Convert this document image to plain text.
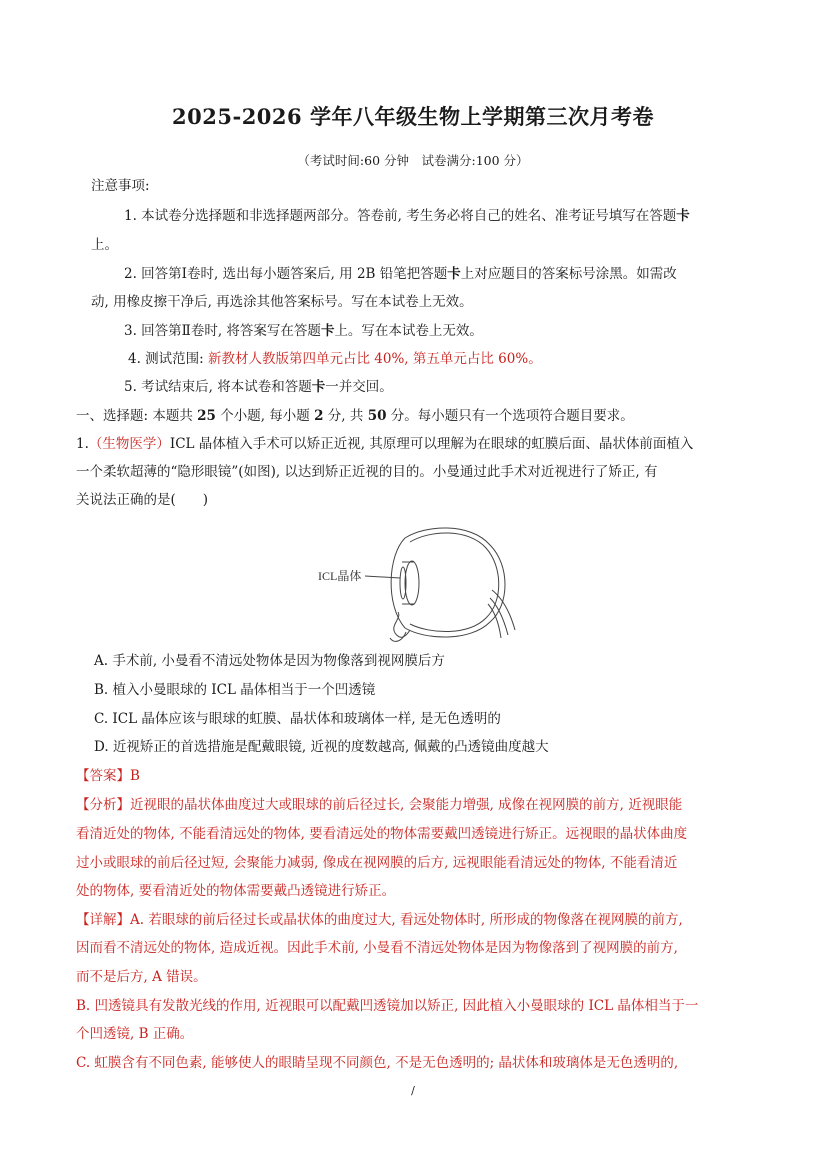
2025-2026 学年八年级生物上学期第三次月考卷
（考试时间:60 分钟　试卷满分:100 分）
注意事项:
1. 本试卷分选择题和非选择题两部分。答卷前, 考生务必将自己的姓名、准考证号填写在答题卡
上。
2. 回答第Ⅰ卷时, 选出每小题答案后, 用 2B 铅笔把答题卡上对应题目的答案标号涂黑。如需改
动, 用橡皮擦干净后, 再选涂其他答案标号。写在本试卷上无效。
3. 回答第Ⅱ卷时, 将答案写在答题卡上。写在本试卷上无效。
4. 测试范围: 新教材人教版第四单元占比 40%, 第五单元占比 60%。
5. 考试结束后, 将本试卷和答题卡一并交回。
一、选择题: 本题共 25 个小题, 每小题 2 分, 共 50 分。每小题只有一个选项符合题目要求。
1.（生物医学）ICL 晶体植入手术可以矫正近视, 其原理可以理解为在眼球的虹膜后面、晶状体前面植入
一个柔软超薄的“隐形眼镜”(如图), 以达到矫正近视的目的。小曼通过此手术对近视进行了矫正, 有
关说法正确的是(　　)
ICL晶体
A. 手术前, 小曼看不清远处物体是因为物像落到视网膜后方
B. 植入小曼眼球的 ICL 晶体相当于一个凹透镜
C. ICL 晶体应该与眼球的虹膜、晶状体和玻璃体一样, 是无色透明的
D. 近视矫正的首选措施是配戴眼镜, 近视的度数越高, 佩戴的凸透镜曲度越大
【答案】B
【分析】近视眼的晶状体曲度过大或眼球的前后径过长, 会聚能力增强, 成像在视网膜的前方, 近视眼能
看清近处的物体, 不能看清远处的物体, 要看清远处的物体需要戴凹透镜进行矫正。远视眼的晶状体曲度
过小或眼球的前后径过短, 会聚能力减弱, 像成在视网膜的后方, 远视眼能看清远处的物体, 不能看清近
处的物体, 要看清近处的物体需要戴凸透镜进行矫正。
【详解】A. 若眼球的前后径过长或晶状体的曲度过大, 看远处物体时, 所形成的物像落在视网膜的前方,
因而看不清远处的物体, 造成近视。因此手术前, 小曼看不清远处物体是因为物像落到了视网膜的前方,
而不是后方, A 错误。
B. 凹透镜具有发散光线的作用, 近视眼可以配戴凹透镜加以矫正, 因此植入小曼眼球的 ICL 晶体相当于一
个凹透镜, B 正确。
C. 虹膜含有不同色素, 能够使人的眼睛呈现不同颜色, 不是无色透明的; 晶状体和玻璃体是无色透明的,
/
